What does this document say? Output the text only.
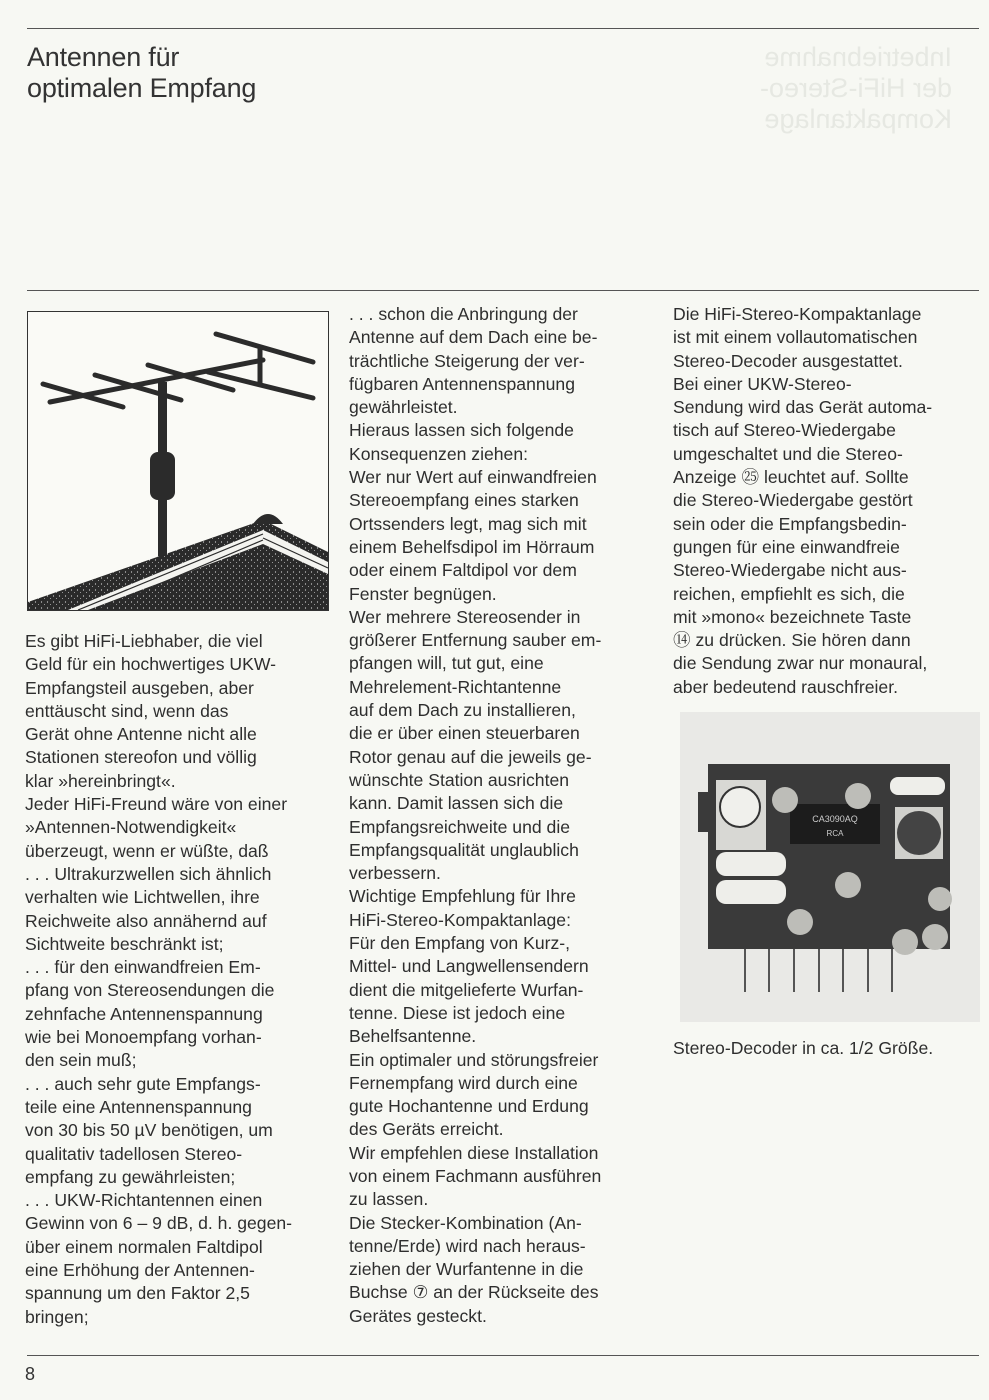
Antennen für
optimalen Empfang
Inbetriebnahme
der HiFi-Stereo-
Kompaktanlage

Es gibt HiFi-Liebhaber, die viel

Geld für ein hochwertiges UKW-

Empfangsteil ausgeben, aber

enttäuscht sind, wenn das

Gerät ohne Antenne nicht alle

Stationen stereofon und völlig

klar »hereinbringt«.

Jeder HiFi-Freund wäre von einer

»Antennen-Notwendigkeit«

überzeugt, wenn er wüßte, daß

. . . Ultrakurzwellen sich ähnlich

verhalten wie Lichtwellen, ihre

Reichweite also annähernd auf

Sichtweite beschränkt ist;

. . . für den einwandfreien Em-

pfang von Stereosendungen die

zehnfache Antennenspannung

wie bei Monoempfang vorhan-

den sein muß;

. . . auch sehr gute Empfangs-

teile eine Antennenspannung

von 30 bis 50 µV benötigen, um

qualitativ tadellosen Stereo-

empfang zu gewährleisten;

. . . UKW-Richtantennen einen

Gewinn von 6 – 9 dB, d. h. gegen-

über einem normalen Faltdipol

eine Erhöhung der Antennen-

spannung um den Faktor 2,5

bringen;

. . . schon die Anbringung der

Antenne auf dem Dach eine be-

trächtliche Steigerung der ver-

fügbaren Antennenspannung

gewährleistet.

Hieraus lassen sich folgende

Konsequenzen ziehen:

Wer nur Wert auf einwandfreien

Stereoempfang eines starken

Ortssenders legt, mag sich mit

einem Behelfsdipol im Hörraum

oder einem Faltdipol vor dem

Fenster begnügen.

Wer mehrere Stereosender in

größerer Entfernung sauber em-

pfangen will, tut gut, eine

Mehrelement-Richtantenne

auf dem Dach zu installieren,

die er über einen steuerbaren

Rotor genau auf die jeweils ge-

wünschte Station ausrichten

kann. Damit lassen sich die

Empfangsreichweite und die

Empfangsqualität unglaublich

verbessern.

Wichtige Empfehlung für Ihre

HiFi-Stereo-Kompaktanlage:

Für den Empfang von Kurz-,

Mittel- und Langwellensendern

dient die mitgelieferte Wurfan-

tenne. Diese ist jedoch eine

Behelfsantenne.

Ein optimaler und störungsfreier

Fernempfang wird durch eine

gute Hochantenne und Erdung

des Geräts erreicht.

Wir empfehlen diese Installation

von einem Fachmann ausführen

zu lassen.

Die Stecker-Kombination (An-

tenne/Erde) wird nach heraus-

ziehen der Wurfantenne in die

Buchse ⑦ an der Rückseite des

Gerätes gesteckt.

Die HiFi-Stereo-Kompaktanlage

ist mit einem vollautomatischen

Stereo-Decoder ausgestattet.

Bei einer UKW-Stereo-

Sendung wird das Gerät automa-

tisch auf Stereo-Wiedergabe

umgeschaltet und die Stereo-

Anzeige ㉕ leuchtet auf. Sollte

die Stereo-Wiedergabe gestört

sein oder die Empfangsbedin-

gungen für eine einwandfreie

Stereo-Wiedergabe nicht aus-

reichen, empfiehlt es sich, die

mit »mono« bezeichnete Taste

⑭ zu drücken. Sie hören dann

die Sendung zwar nur monaural,

aber bedeutend rauschfreier.

CA3090AQ
RCA
Stereo-Decoder in ca. 1/2 Größe.
8
